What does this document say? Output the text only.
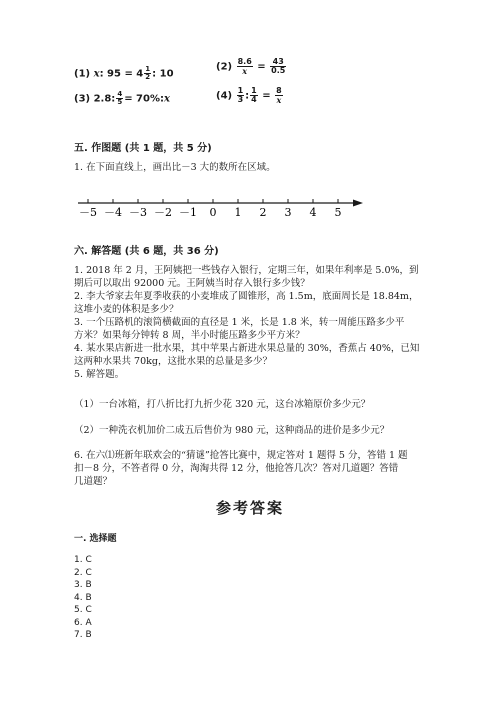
(1) x: $95 = 4 \frac{1}{2}$ : 10
$(2) \frac{8.6}{x} = \frac{43}{0.5}$
(3) 2.8: $\frac{4}{5}$ = 70%:x	$(4) \frac{1}{3}$ : $\frac{1}{4} = \frac{8}{x}$
五. 作图题 (共 1 题，共 5 分)
1. 在下面直线上，画出比－3 大的数所在区域。
－5 －4 －3 －2 －1 0 1 2 3 4 5
六. 解答题 (共 6 题，共 36 分)
1. 2018 年 2 月，王阿姨把一些钱存入银行，定期三年，如果年利率是 5.0%，到
期后可以取出 92000 元。王阿姨当时存入银行多少钱？
2. 李大爷家去年夏季收获的小麦堆成了圆锥形，高 1.5m，底面周长是 18.84m，
这堆小麦的体积是多少？
3. 一个压路机的滚筒横截面的直径是 1 米，长是 1.8 米，转一周能压路多少平
方米？如果每分钟转 8 周，半小时能压路多少平方米？
4. 某水果店新进一批水果，其中苹果占新进水果总量的 30%，香蕉占 40%，已知
这两种水果共 70kg，这批水果的总量是多少？
5. 解答题。
（1）一台冰箱，打八折比打九折少花 320 元，这台冰箱原价多少元？
（2）一种洗衣机加价二成五后售价为 980 元，这种商品的进价是多少元？
6. 在六⑴班新年联欢会的“猜谜”抢答比赛中，规定答对 1 题得 5 分，答错 1 题
扣－8 分，不答者得 0 分，淘淘共得 12 分，他抢答几次？答对几道题？答错
几道题？
参考答案
一. 选择题
1. C
2. C
3. B
4. B
5. C
6. A
7. B
